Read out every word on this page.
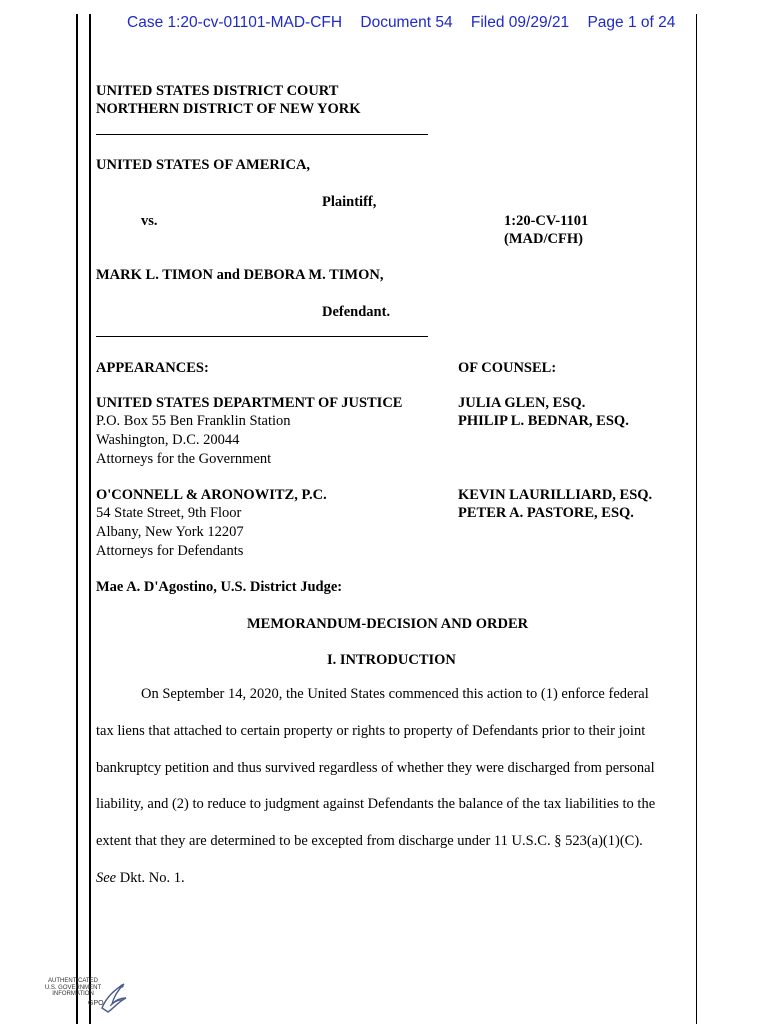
Case 1:20-cv-01101-MAD-CFH Document 54 Filed 09/29/21 Page 1 of 24
UNITED STATES DISTRICT COURT
NORTHERN DISTRICT OF NEW YORK
UNITED STATES OF AMERICA,
Plaintiff,
vs.	1:20-CV-1101
(MAD/CFH)
MARK L. TIMON and DEBORA M. TIMON,
Defendant.
APPEARANCES:	OF COUNSEL:
UNITED STATES DEPARTMENT OF JUSTICE
P.O. Box 55 Ben Franklin Station
Washington, D.C. 20044
Attorneys for the Government
JULIA GLEN, ESQ.
PHILIP L. BEDNAR, ESQ.
O'CONNELL & ARONOWITZ, P.C.
54 State Street, 9th Floor
Albany, New York 12207
Attorneys for Defendants
KEVIN LAURILLIARD, ESQ.
PETER A. PASTORE, ESQ.
Mae A. D'Agostino, U.S. District Judge:
MEMORANDUM-DECISION AND ORDER
I. INTRODUCTION
On September 14, 2020, the United States commenced this action to (1) enforce federal
tax liens that attached to certain property or rights to property of Defendants prior to their joint
bankruptcy petition and thus survived regardless of whether they were discharged from personal
liability, and (2) to reduce to judgment against Defendants the balance of the tax liabilities to the
extent that they are determined to be excepted from discharge under 11 U.S.C. § 523(a)(1)(C).
See Dkt. No. 1.
AUTHENTICATED
U.S. GOVERNMENT
INFORMATION
GPO
